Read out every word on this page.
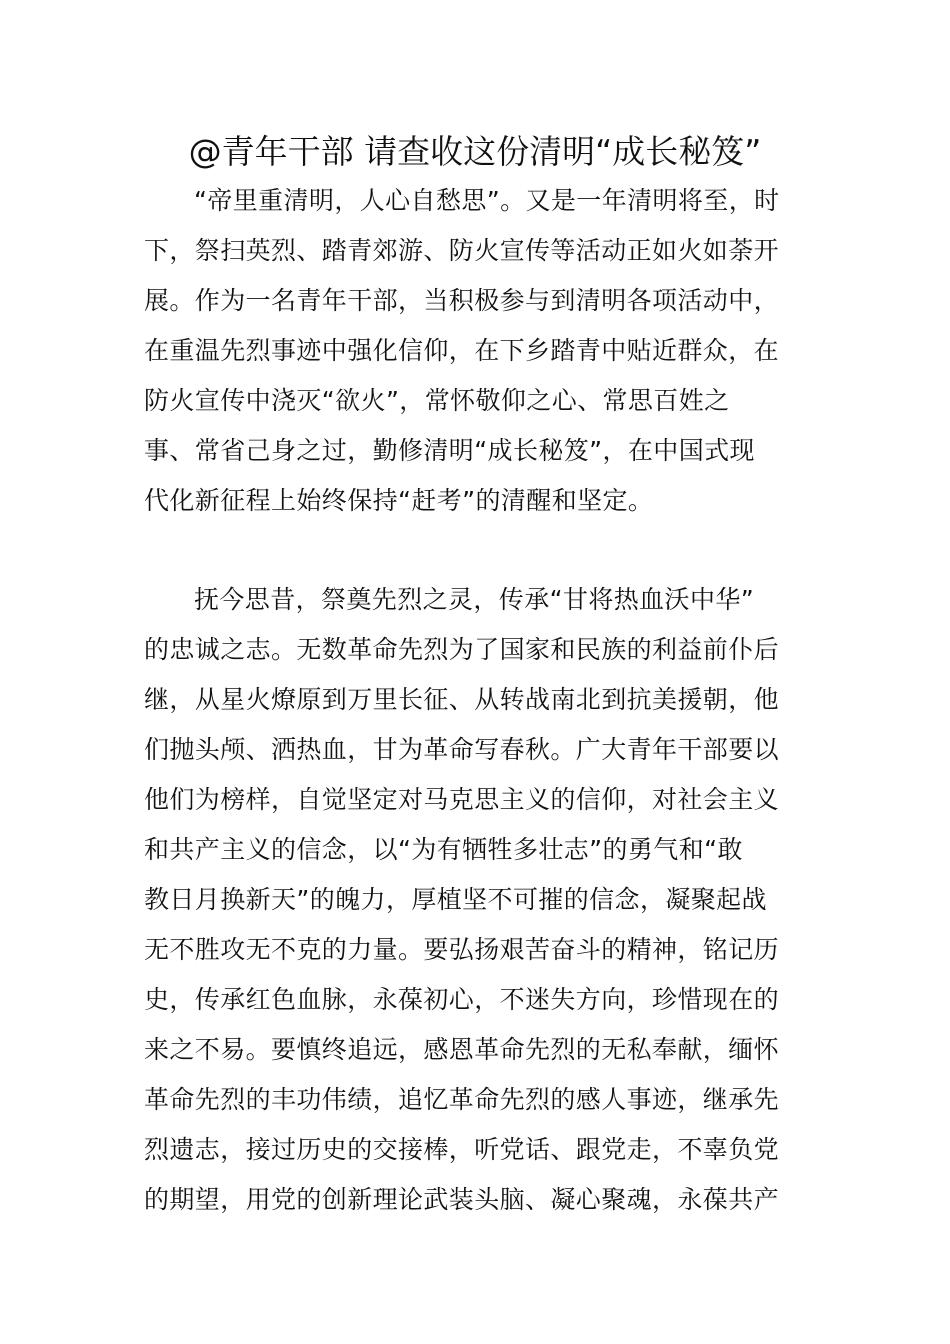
@青年干部 请查收这份清明“成长秘笈”
“帝里重清明，人心自愁思”。又是一年清明将至，时
下，祭扫英烈、踏青郊游、防火宣传等活动正如火如荼开
展。作为一名青年干部，当积极参与到清明各项活动中，
在重温先烈事迹中强化信仰，在下乡踏青中贴近群众，在
防火宣传中浇灭“欲火”，常怀敬仰之心、常思百姓之
事、常省己身之过，勤修清明“成长秘笈”，在中国式现
代化新征程上始终保持“赶考”的清醒和坚定。
抚今思昔，祭奠先烈之灵，传承“甘将热血沃中华”
的忠诚之志。无数革命先烈为了国家和民族的利益前仆后
继，从星火燎原到万里长征、从转战南北到抗美援朝，他
们抛头颅、洒热血，甘为革命写春秋。广大青年干部要以
他们为榜样，自觉坚定对马克思主义的信仰，对社会主义
和共产主义的信念，以“为有牺牲多壮志”的勇气和“敢
教日月换新天”的魄力，厚植坚不可摧的信念，凝聚起战
无不胜攻无不克的力量。要弘扬艰苦奋斗的精神，铭记历
史，传承红色血脉，永葆初心，不迷失方向，珍惜现在的
来之不易。要慎终追远，感恩革命先烈的无私奉献，缅怀
革命先烈的丰功伟绩，追忆革命先烈的感人事迹，继承先
烈遗志，接过历史的交接棒，听党话、跟党走，不辜负党
的期望，用党的创新理论武装头脑、凝心聚魂，永葆共产
